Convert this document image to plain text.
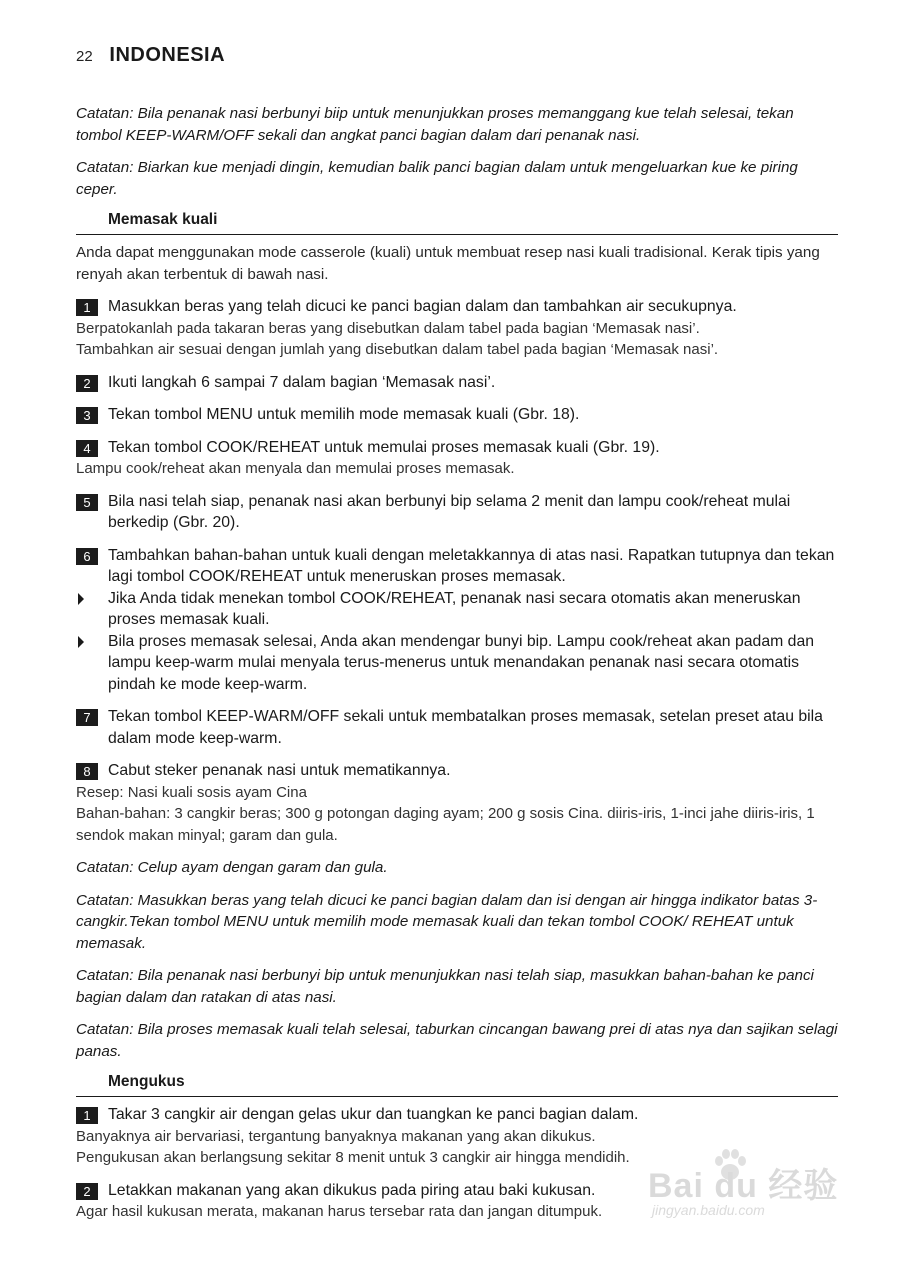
22 INDONESIA

Catatan: Bila penanak nasi berbunyi biip untuk menunjukkan proses memanggang kue telah selesai, tekan tombol KEEP-WARM/OFF sekali dan angkat panci bagian dalam dari penanak nasi.

Catatan: Biarkan kue menjadi dingin, kemudian balik panci bagian dalam untuk mengeluarkan kue ke piring ceper.

Memasak kuali

Anda dapat menggunakan mode casserole (kuali) untuk membuat resep nasi kuali tradisional. Kerak tipis yang renyah akan terbentuk di bawah nasi.

1	Masukkan beras yang telah dicuci ke panci bagian dalam dan tambahkan air secukupnya.

Berpatokanlah pada takaran beras yang disebutkan dalam tabel pada bagian ‘Memasak nasi’.

Tambahkan air sesuai dengan jumlah yang disebutkan dalam tabel pada bagian ‘Memasak nasi’.

2	Ikuti langkah 6 sampai 7 dalam bagian ‘Memasak nasi’.
3	Tekan tombol MENU untuk memilih mode memasak kuali (Gbr. 18).
4	Tekan tombol COOK/REHEAT untuk memulai proses memasak kuali (Gbr. 19).

Lampu cook/reheat akan menyala dan memulai proses memasak.

5	Bila nasi telah siap, penanak nasi akan berbunyi bip selama 2 menit dan lampu cook/reheat mulai berkedip (Gbr. 20).
6	Tambahkan bahan-bahan untuk kuali dengan meletakkannya di atas nasi. Rapatkan tutupnya dan tekan lagi tombol COOK/REHEAT untuk meneruskan proses memasak.
Jika Anda tidak menekan tombol COOK/REHEAT, penanak nasi secara otomatis akan meneruskan proses memasak kuali.
Bila proses memasak selesai, Anda akan mendengar bunyi bip. Lampu cook/reheat akan padam dan lampu keep-warm mulai menyala terus-menerus untuk menandakan penanak nasi secara otomatis pindah ke mode keep-warm.
7	Tekan tombol KEEP-WARM/OFF sekali untuk membatalkan proses memasak, setelan preset atau bila dalam mode keep-warm.
8	Cabut steker penanak nasi untuk mematikannya.

Resep: Nasi kuali sosis ayam Cina

Bahan-bahan: 3 cangkir beras; 300 g potongan daging ayam; 200 g sosis Cina. diiris-iris, 1-inci jahe diiris-iris, 1 sendok makan minyal; garam dan gula.

Catatan: Celup ayam dengan garam dan gula.

Catatan: Masukkan beras yang telah dicuci ke panci bagian dalam dan isi dengan air hingga indikator batas 3-cangkir.Tekan tombol MENU untuk memilih mode memasak kuali dan tekan tombol COOK/ REHEAT untuk memasak.

Catatan: Bila penanak nasi berbunyi bip untuk menunjukkan nasi telah siap, masukkan bahan-bahan ke panci bagian dalam dan ratakan di atas nasi.

Catatan: Bila proses memasak kuali telah selesai, taburkan cincangan bawang prei di atas nya dan sajikan selagi panas.

Mengukus
1	Takar 3 cangkir air dengan gelas ukur dan tuangkan ke panci bagian dalam.

Banyaknya air bervariasi, tergantung banyaknya makanan yang akan dikukus.

Pengukusan akan berlangsung sekitar 8 menit untuk 3 cangkir air hingga mendidih.

2	Letakkan makanan yang akan dikukus pada piring atau baki kukusan.

Agar hasil kukusan merata, makanan harus tersebar rata dan jangan ditumpuk.

Bai du 经验
jingyan.baidu.com
